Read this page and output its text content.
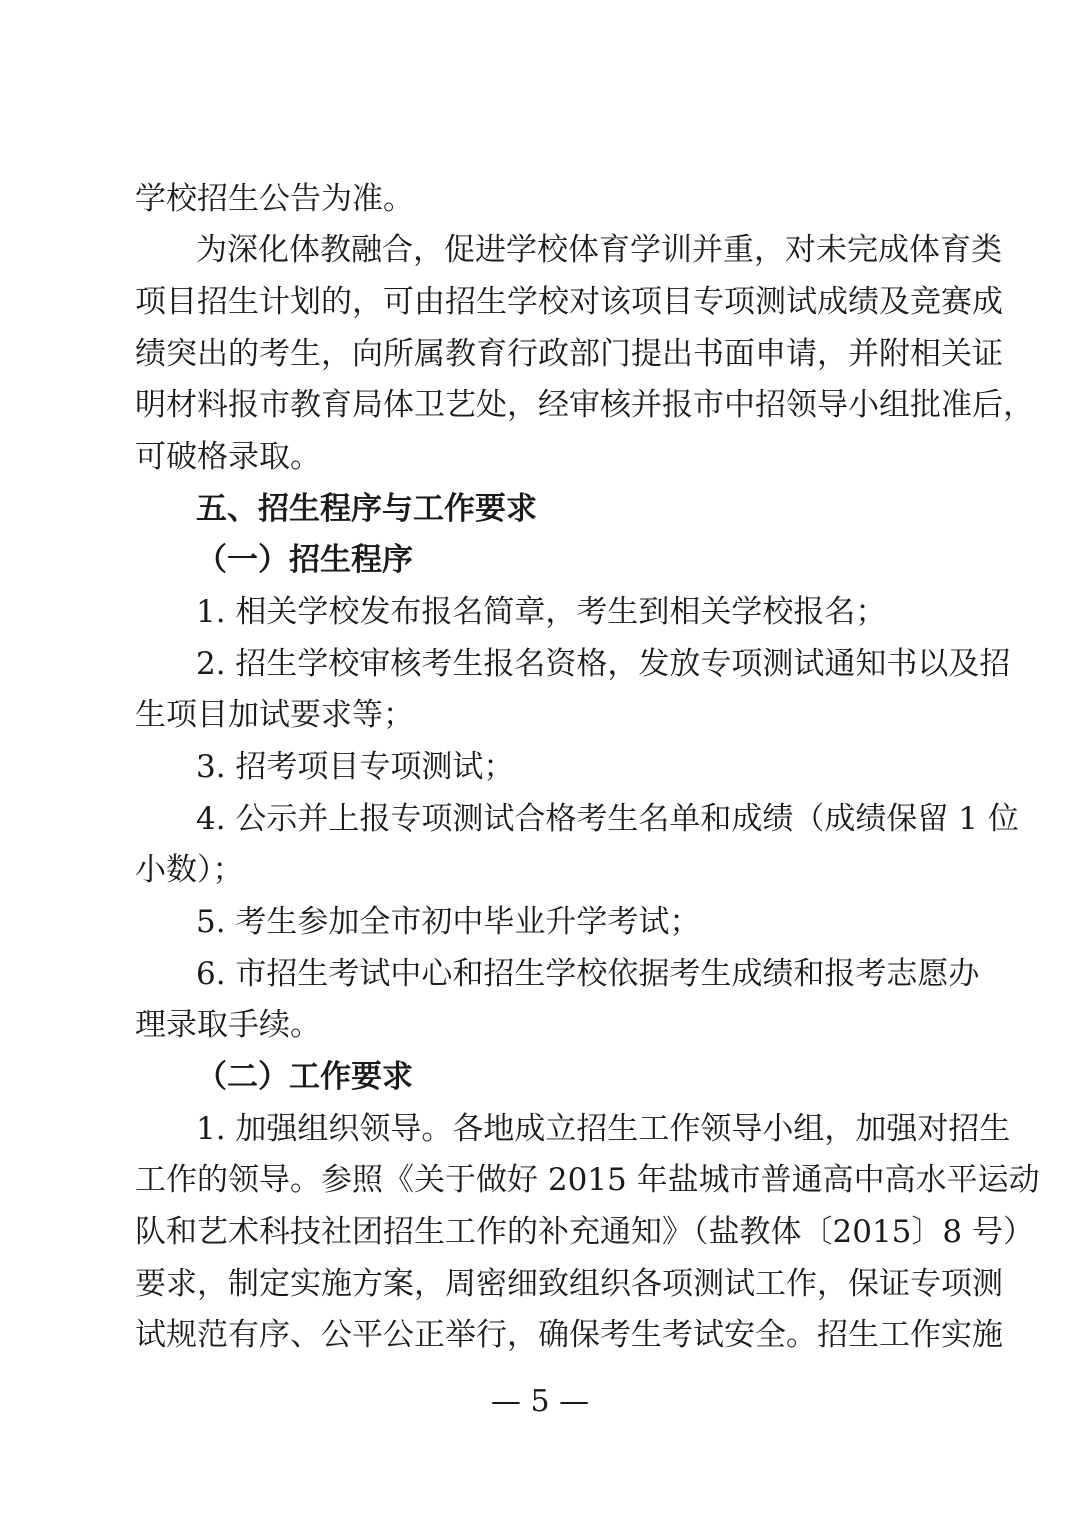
学校招生公告为准。
为深化体教融合，促进学校体育学训并重，对未完成体育类
项目招生计划的，可由招生学校对该项目专项测试成绩及竞赛成
绩突出的考生，向所属教育行政部门提出书面申请，并附相关证
明材料报市教育局体卫艺处，经审核并报市中招领导小组批准后，
可破格录取。
五、招生程序与工作要求
（一）招生程序
1. 相关学校发布报名简章，考生到相关学校报名；
2. 招生学校审核考生报名资格，发放专项测试通知书以及招
生项目加试要求等；
3. 招考项目专项测试；
4. 公示并上报专项测试合格考生名单和成绩（成绩保留 1 位
小数）；
5. 考生参加全市初中毕业升学考试；
6. 市招生考试中心和招生学校依据考生成绩和报考志愿办
理录取手续。
（二）工作要求
1. 加强组织领导。各地成立招生工作领导小组，加强对招生
工作的领导。参照《关于做好 2015 年盐城市普通高中高水平运动
队和艺术科技社团招生工作的补充通知》（盐教体〔2015〕8 号）
要求，制定实施方案，周密细致组织各项测试工作，保证专项测
试规范有序、公平公正举行，确保考生考试安全。招生工作实施
— 5 —
